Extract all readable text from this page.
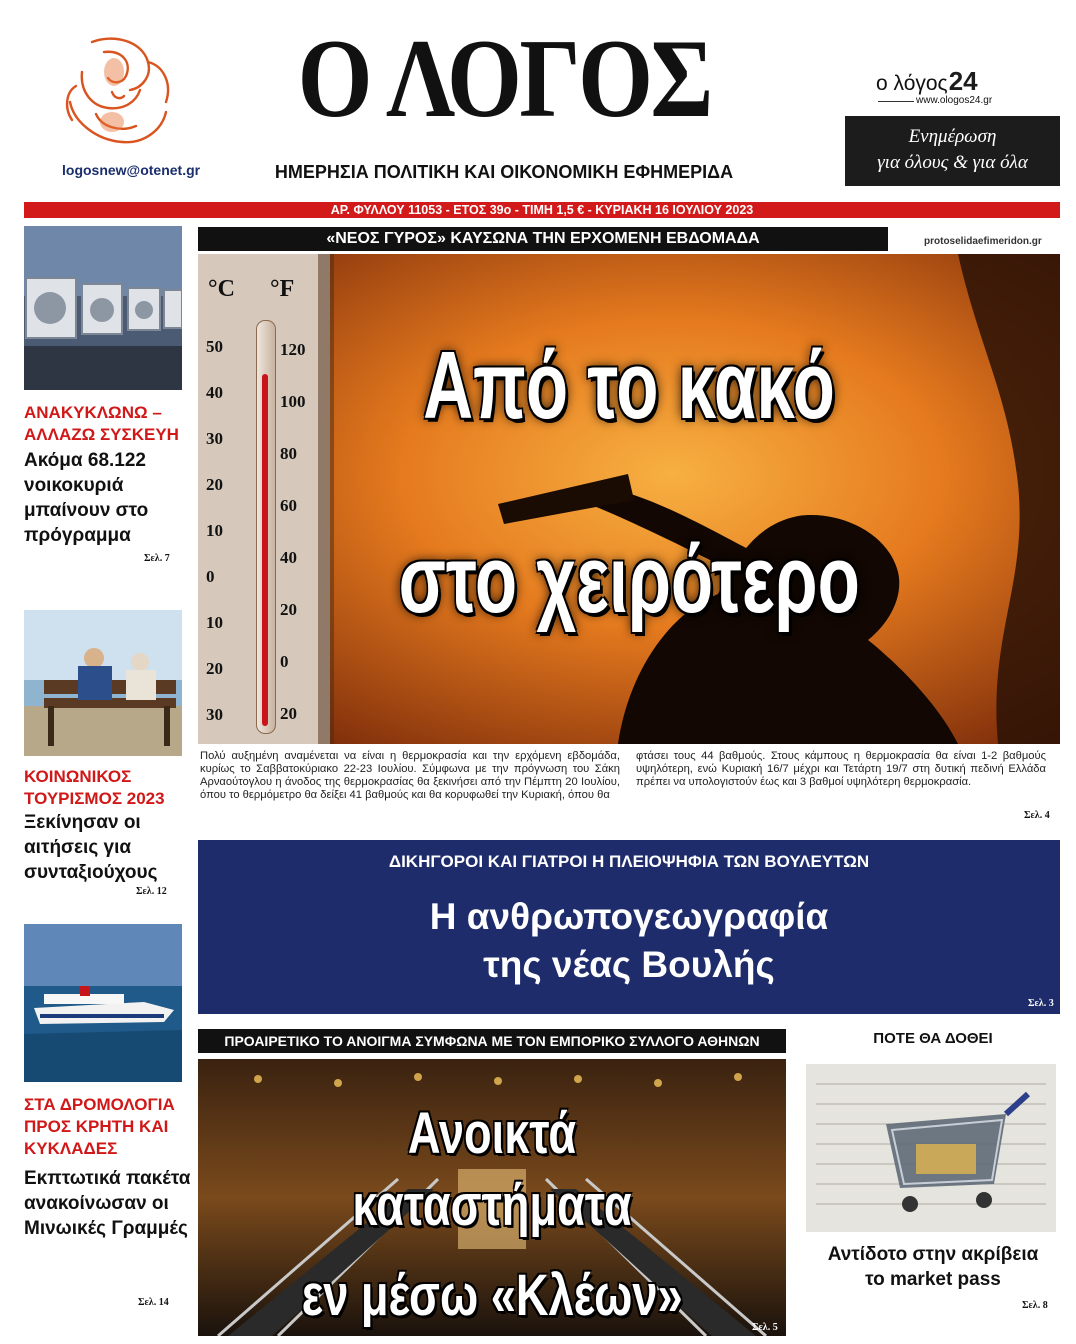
logosnew@otenet.gr
Ο ΛΟΓΟΣ
ΗΜΕΡΗΣΙΑ ΠΟΛΙΤΙΚΗ ΚΑΙ ΟΙΚΟΝΟΜΙΚΗ ΕΦΗΜΕΡΙΔΑ
ο λόγος24
www.ologos24.gr
Ενημέρωση
για όλους & για όλα
ΑΡ. ΦΥΛΛΟΥ 11053 - ΕΤΟΣ 39ο - ΤΙΜΗ 1,5 € - ΚΥΡΙΑΚΗ 16 ΙΟΥΛΙΟΥ 2023
«ΝΕΟΣ ΓΥΡΟΣ» ΚΑΥΣΩΝΑ ΤΗΝ ΕΡΧΟΜΕΝΗ ΕΒΔΟΜΑΔΑ	protoselidaefimeridon.gr
°C °F
50
40
30
20
10
0
10
20
30
120
100
80
60
40
20
0
20
Από το κακό
στο χειρότερο
Πολύ αυξημένη αναμένεται να είναι η θερμοκρασία και την ερχόμενη εβδομάδα, κυρίως το Σαββατοκύριακο 22-23 Ιουλίου. Σύμφωνα με την πρόγνωση του Σάκη Αρναούτογλου η άνοδος της θερμοκρασίας θα ξεκινήσει από την Πέμπτη 20 Ιουλίου, όπου το θερμόμετρο θα δείξει 41 βαθμούς και θα κορυφωθεί την Κυριακή, όπου θα
φτάσει τους 44 βαθμούς. Στους κάμπους η θερμοκρασία θα είναι 1-2 βαθμούς υψηλότερη, ενώ Κυριακή 16/7 μέχρι και Τετάρτη 19/7 στη δυτική πεδινή Ελλάδα πρέπει να υπολογιστούν έως και 3 βαθμοί υψηλότερη θερμοκρασία.
Σελ. 4
ΑΝΑΚΥΚΛΩΝΩ – ΑΛΛΑΖΩ ΣΥΣΚΕΥΗ
Ακόμα 68.122 νοικοκυριά μπαίνουν στο πρόγραμμα
Σελ. 7
ΚΟΙΝΩΝΙΚΟΣ ΤΟΥΡΙΣΜΟΣ 2023
Ξεκίνησαν οι αιτήσεις για συνταξιούχους
Σελ. 12
ΣΤΑ ΔΡΟΜΟΛΟΓΙΑ ΠΡΟΣ ΚΡΗΤΗ ΚΑΙ ΚΥΚΛΑΔΕΣ
Εκπτωτικά πακέτα ανακοίνωσαν οι Μινωικές Γραμμές
Σελ. 14
ΔΙΚΗΓΟΡΟΙ ΚΑΙ ΓΙΑΤΡΟΙ Η ΠΛΕΙΟΨΗΦΙΑ ΤΩΝ ΒΟΥΛΕΥΤΩΝ
Η ανθρωπογεωγραφία
της νέας Βουλής
Σελ. 3
ΠΡΟΑΙΡΕΤΙΚΟ ΤΟ ΑΝΟΙΓΜΑ ΣΥΜΦΩΝΑ ΜΕ ΤΟΝ ΕΜΠΟΡΙΚΟ ΣΥΛΛΟΓΟ ΑΘΗΝΩΝ
Ανοικτά καταστήματα
εν μέσω «Κλέων»	Σελ. 5
ΠΟΤΕ ΘΑ ΔΟΘΕΙ
Αντίδοτο στην ακρίβεια
το market pass
Σελ. 8
